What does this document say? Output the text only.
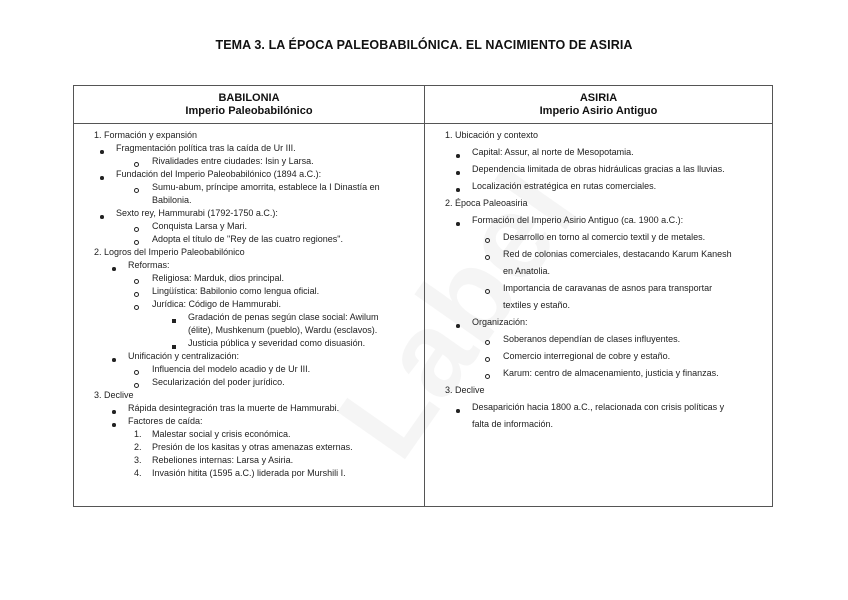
TEMA 3. LA ÉPOCA PALEOBABILÓNICA. EL NACIMIENTO DE ASIRIA
BABILONIA
Imperio Paleobabilónico
1. Formación y expansión
Fragmentación política tras la caída de Ur III.
Rivalidades entre ciudades: Isin y Larsa.
Fundación del Imperio Paleobabilónico (1894 a.C.):
Sumu-abum, príncipe amorrita, establece la I Dinastía en
Babilonia.
Sexto rey, Hammurabi (1792-1750 a.C.):
Conquista Larsa y Mari.
Adopta el título de "Rey de las cuatro regiones".
2. Logros del Imperio Paleobabilónico
Reformas:
Religiosa: Marduk, dios principal.
Lingüística: Babilonio como lengua oficial.
Jurídica: Código de Hammurabi.
Gradación de penas según clase social: Awilum
(élite), Mushkenum (pueblo), Wardu (esclavos).
Justicia pública y severidad como disuasión.
Unificación y centralización:
Influencia del modelo acadio y de Ur III.
Secularización del poder jurídico.
3. Declive
Rápida desintegración tras la muerte de Hammurabi.
Factores de caída:
1. Malestar social y crisis económica.
2. Presión de los kasitas y otras amenazas externas.
3. Rebeliones internas: Larsa y Asiria.
4. Invasión hitita (1595 a.C.) liderada por Murshili I.
ASIRIA
Imperio Asirio Antiguo
1. Ubicación y contexto
Capital: Assur, al norte de Mesopotamia.
Dependencia limitada de obras hidráulicas gracias a las lluvias.
Localización estratégica en rutas comerciales.
2. Época Paleoasiria
Formación del Imperio Asirio Antiguo (ca. 1900 a.C.):
Desarrollo en torno al comercio textil y de metales.
Red de colonias comerciales, destacando Karum Kanesh
en Anatolia.
Importancia de caravanas de asnos para transportar
textiles y estaño.
Organización:
Soberanos dependían de clases influyentes.
Comercio interregional de cobre y estaño.
Karum: centro de almacenamiento, justicia y finanzas.
3. Declive
Desaparición hacia 1800 a.C., relacionada con crisis políticas y
falta de información.
